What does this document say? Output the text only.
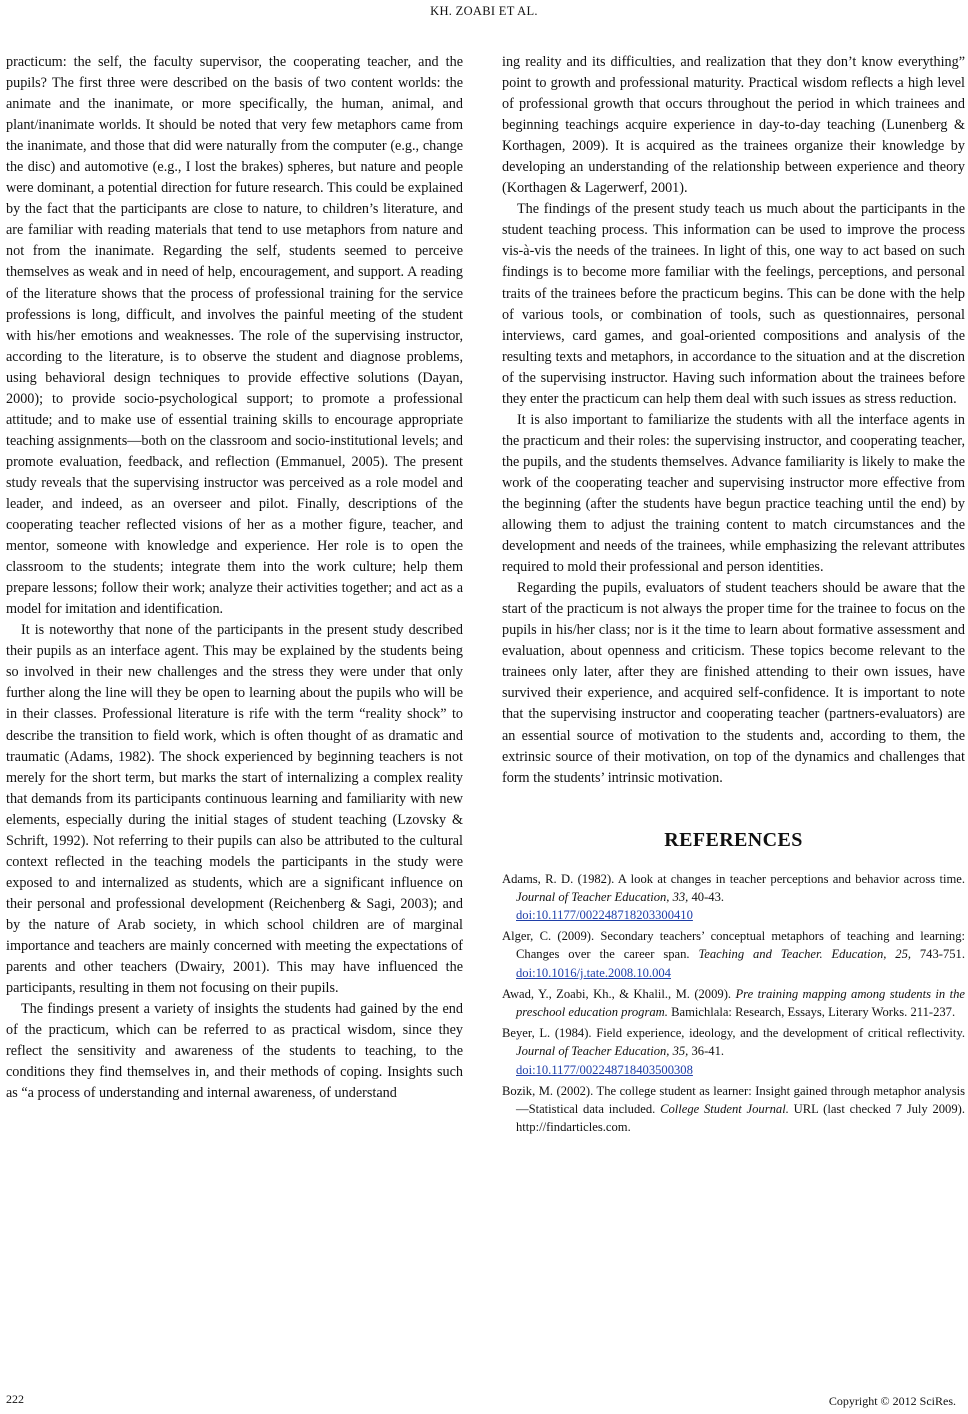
KH. ZOABI ET AL.

practicum: the self, the faculty supervisor, the cooperating teacher, and the pupils? The first three were described on the basis of two content worlds: the animate and the inanimate, or more specifically, the human, animal, and plant/inanimate worlds. It should be noted that very few metaphors came from the inanimate, and those that did were naturally from the computer (e.g., change the disc) and automotive (e.g., I lost the brakes) spheres, but nature and people were dominant, a potential direction for future research. This could be explained by the fact that the participants are close to nature, to children’s literature, and are familiar with reading materials that tend to use metaphors from nature and not from the inanimate. Regarding the self, students seemed to perceive themselves as weak and in need of help, encouragement, and support. A reading of the literature shows that the process of professional training for the service professions is long, difficult, and involves the painful meeting of the student with his/her emotions and weaknesses. The role of the supervising instructor, according to the literature, is to observe the student and diagnose problems, using behavioral design techniques to provide effective solutions (Dayan, 2000); to provide socio-psychological support; to promote a professional attitude; and to make use of essential training skills to encourage appropriate teaching assignments—both on the classroom and socio-institutional levels; and promote evaluation, feedback, and reflection (Emmanuel, 2005). The present study reveals that the supervising instructor was perceived as a role model and leader, and indeed, as an overseer and pilot. Finally, descriptions of the cooperating teacher reflected visions of her as a mother figure, teacher, and mentor, someone with knowledge and experience. Her role is to open the classroom to the students; integrate them into the work culture; help them prepare lessons; follow their work; analyze their activities together; and act as a model for imitation and identification.

It is noteworthy that none of the participants in the present study described their pupils as an interface agent. This may be explained by the students being so involved in their new challenges and the stress they were under that only further along the line will they be open to learning about the pupils who will be in their classes. Professional literature is rife with the term “reality shock” to describe the transition to field work, which is often thought of as dramatic and traumatic (Adams, 1982). The shock experienced by beginning teachers is not merely for the short term, but marks the start of internalizing a complex reality that demands from its participants continuous learning and familiarity with new elements, especially during the initial stages of student teaching (Lzovsky & Schrift, 1992). Not referring to their pupils can also be attributed to the cultural context reflected in the teaching models the participants in the study were exposed to and internalized as students, which are a significant influence on their personal and professional development (Reichenberg & Sagi, 2003); and by the nature of Arab society, in which school children are of marginal importance and teachers are mainly concerned with meeting the expectations of parents and other teachers (Dwairy, 2001). This may have influenced the participants, resulting in them not focusing on their pupils.

The findings present a variety of insights the students had gained by the end of the practicum, which can be referred to as practical wisdom, since they reflect the sensitivity and awareness of the students to teaching, to the conditions they find themselves in, and their methods of coping. Insights such as “a process of understanding and internal awareness, of understand

ing reality and its difficulties, and realization that they don’t know everything” point to growth and professional maturity. Practical wisdom reflects a high level of professional growth that occurs throughout the period in which trainees and beginning teachings acquire experience in day-to-day teaching (Lunenberg & Korthagen, 2009). It is acquired as the trainees organize their knowledge by developing an understanding of the relationship between experience and theory (Korthagen & Lagerwerf, 2001).

The findings of the present study teach us much about the participants in the student teaching process. This information can be used to improve the process vis-à-vis the needs of the trainees. In light of this, one way to act based on such findings is to become more familiar with the feelings, perceptions, and personal traits of the trainees before the practicum begins. This can be done with the help of various tools, or combination of tools, such as questionnaires, personal interviews, card games, and goal-oriented compositions and analysis of the resulting texts and metaphors, in accordance to the situation and at the discretion of the supervising instructor. Having such information about the trainees before they enter the practicum can help them deal with such issues as stress reduction.

It is also important to familiarize the students with all the interface agents in the practicum and their roles: the supervising instructor, and cooperating teacher, the pupils, and the students themselves. Advance familiarity is likely to make the work of the cooperating teacher and supervising instructor more effective from the beginning (after the students have begun practice teaching until the end) by allowing them to adjust the training content to match circumstances and the development and needs of the trainees, while emphasizing the relevant attributes required to mold their professional and person identities.

Regarding the pupils, evaluators of student teachers should be aware that the start of the practicum is not always the proper time for the trainee to focus on the pupils in his/her class; nor is it the time to learn about formative assessment and evaluation, about openness and criticism. These topics become relevant to the trainees only later, after they are finished attending to their own issues, have survived their experience, and acquired self-confidence. It is important to note that the supervising instructor and cooperating teacher (partners-evaluators) are an essential source of motivation to the students and, according to them, the extrinsic source of their motivation, on top of the dynamics and challenges that form the students’ intrinsic motivation.

REFERENCES
Adams, R. D. (1982). A look at changes in teacher perceptions and behavior across time. Journal of Teacher Education, 33, 40-43.
doi:10.1177/002248718203300410
Alger, C. (2009). Secondary teachers’ conceptual metaphors of teaching and learning: Changes over the career span. Teaching and Teacher. Education, 25, 743-751. doi:10.1016/j.tate.2008.10.004
Awad, Y., Zoabi, Kh., & Khalil., M. (2009). Pre training mapping among students in the preschool education program. Bamichlala: Research, Essays, Literary Works. 211-237.
Beyer, L. (1984). Field experience, ideology, and the development of critical reflectivity. Journal of Teacher Education, 35, 36-41.
doi:10.1177/002248718403500308
Bozik, M. (2002). The college student as learner: Insight gained through metaphor analysis—Statistical data included. College Student Journal. URL (last checked 7 July 2009). http://findarticles.com.
222	Copyright © 2012 SciRes.
